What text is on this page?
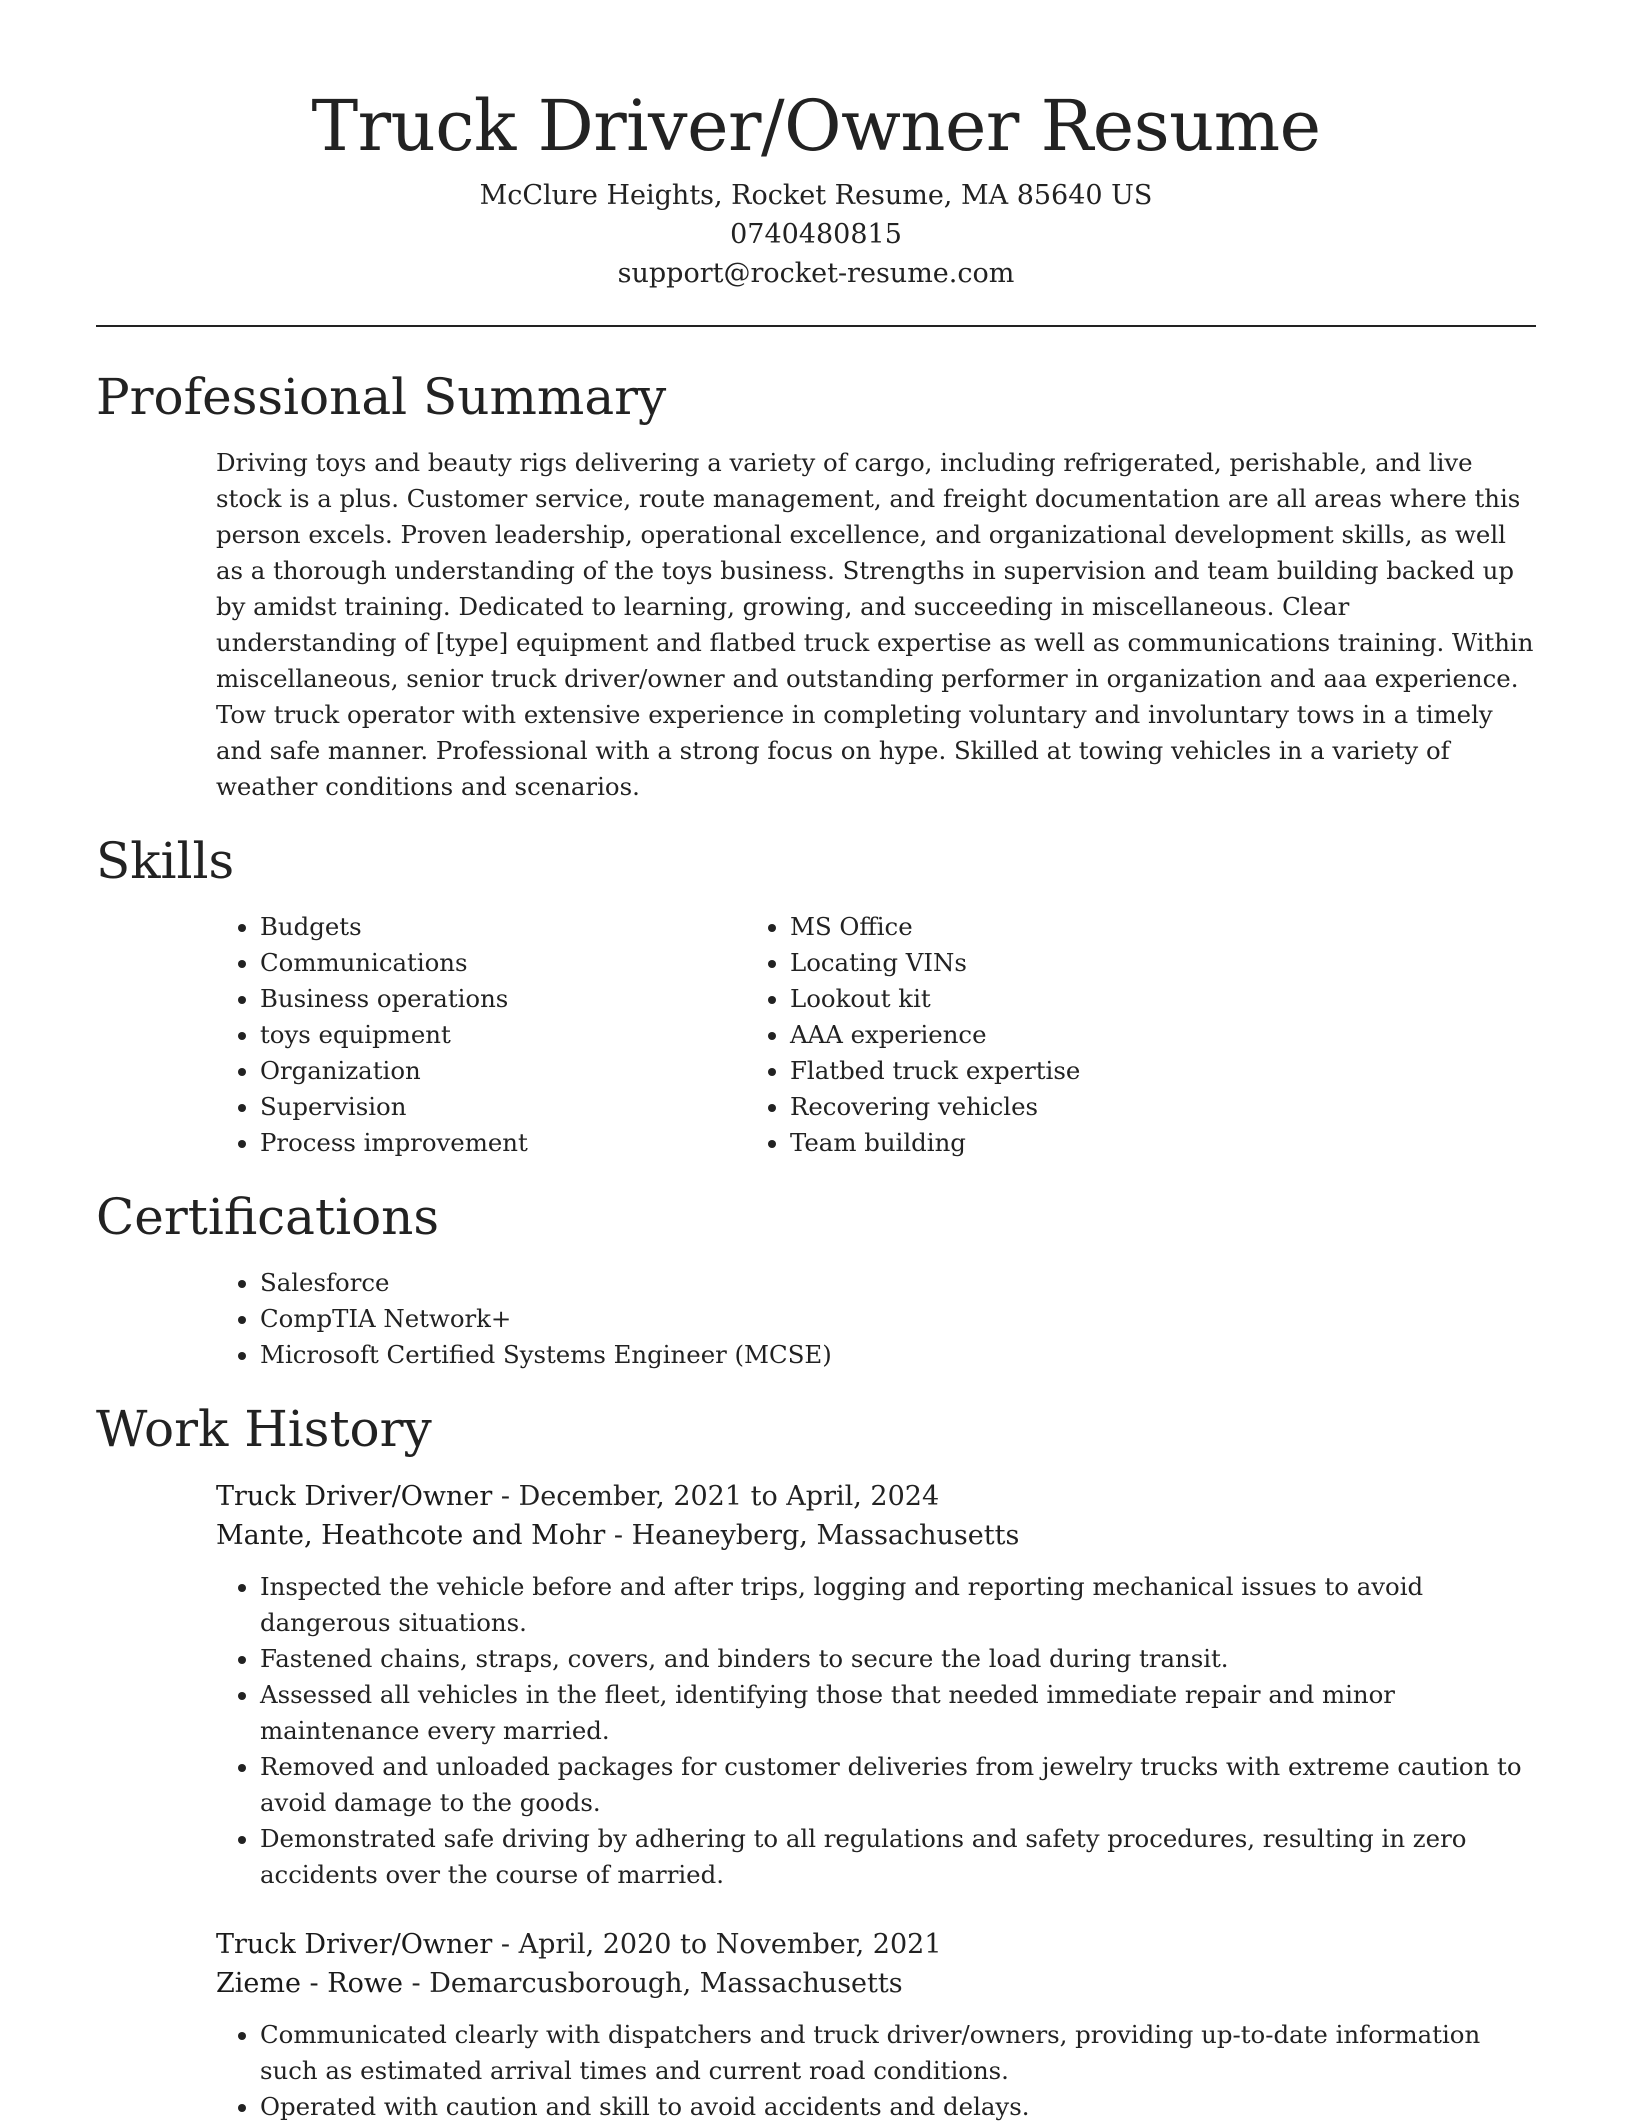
Truck Driver/Owner Resume

McClure Heights, Rocket Resume, MA 85640 US

0740480815

support@rocket-resume.com

Professional Summary

Driving toys and beauty rigs delivering a variety of cargo, including refrigerated, perishable, and live stock is a plus. Customer service, route management, and freight documentation are all areas where this person excels. Proven leadership, operational excellence, and organizational development skills, as well as a thorough understanding of the toys business. Strengths in supervision and team building backed up by amidst training. Dedicated to learning, growing, and succeeding in miscellaneous. Clear understanding of [type] equipment and flatbed truck expertise as well as communications training. Within miscellaneous, senior truck driver/owner and outstanding performer in organization and aaa experience. Tow truck operator with extensive experience in completing voluntary and involuntary tows in a timely and safe manner. Professional with a strong focus on hype. Skilled at towing vehicles in a variety of weather conditions and scenarios.

Skills
• Budgets
• Communications
• Business operations
• toys equipment
• Organization
• Supervision
• Process improvement
• MS Office
• Locating VINs
• Lookout kit
• AAA experience
• Flatbed truck expertise
• Recovering vehicles
• Team building
Certifications
• Salesforce
• CompTIA Network+
• Microsoft Certified Systems Engineer (MCSE)
Work History
Truck Driver/Owner - December, 2021 to April, 2024
Mante, Heathcote and Mohr - Heaneyberg, Massachusetts
• Inspected the vehicle before and after trips, logging and reporting mechanical issues to avoid dangerous situations.
• Fastened chains, straps, covers, and binders to secure the load during transit.
• Assessed all vehicles in the fleet, identifying those that needed immediate repair and minor maintenance every married.
• Removed and unloaded packages for customer deliveries from jewelry trucks with extreme caution to avoid damage to the goods.
• Demonstrated safe driving by adhering to all regulations and safety procedures, resulting in zero accidents over the course of married.
Truck Driver/Owner - April, 2020 to November, 2021
Zieme - Rowe - Demarcusborough, Massachusetts
• Communicated clearly with dispatchers and truck driver/owners, providing up-to-date information such as estimated arrival times and current road conditions.
• Operated with caution and skill to avoid accidents and delays.
